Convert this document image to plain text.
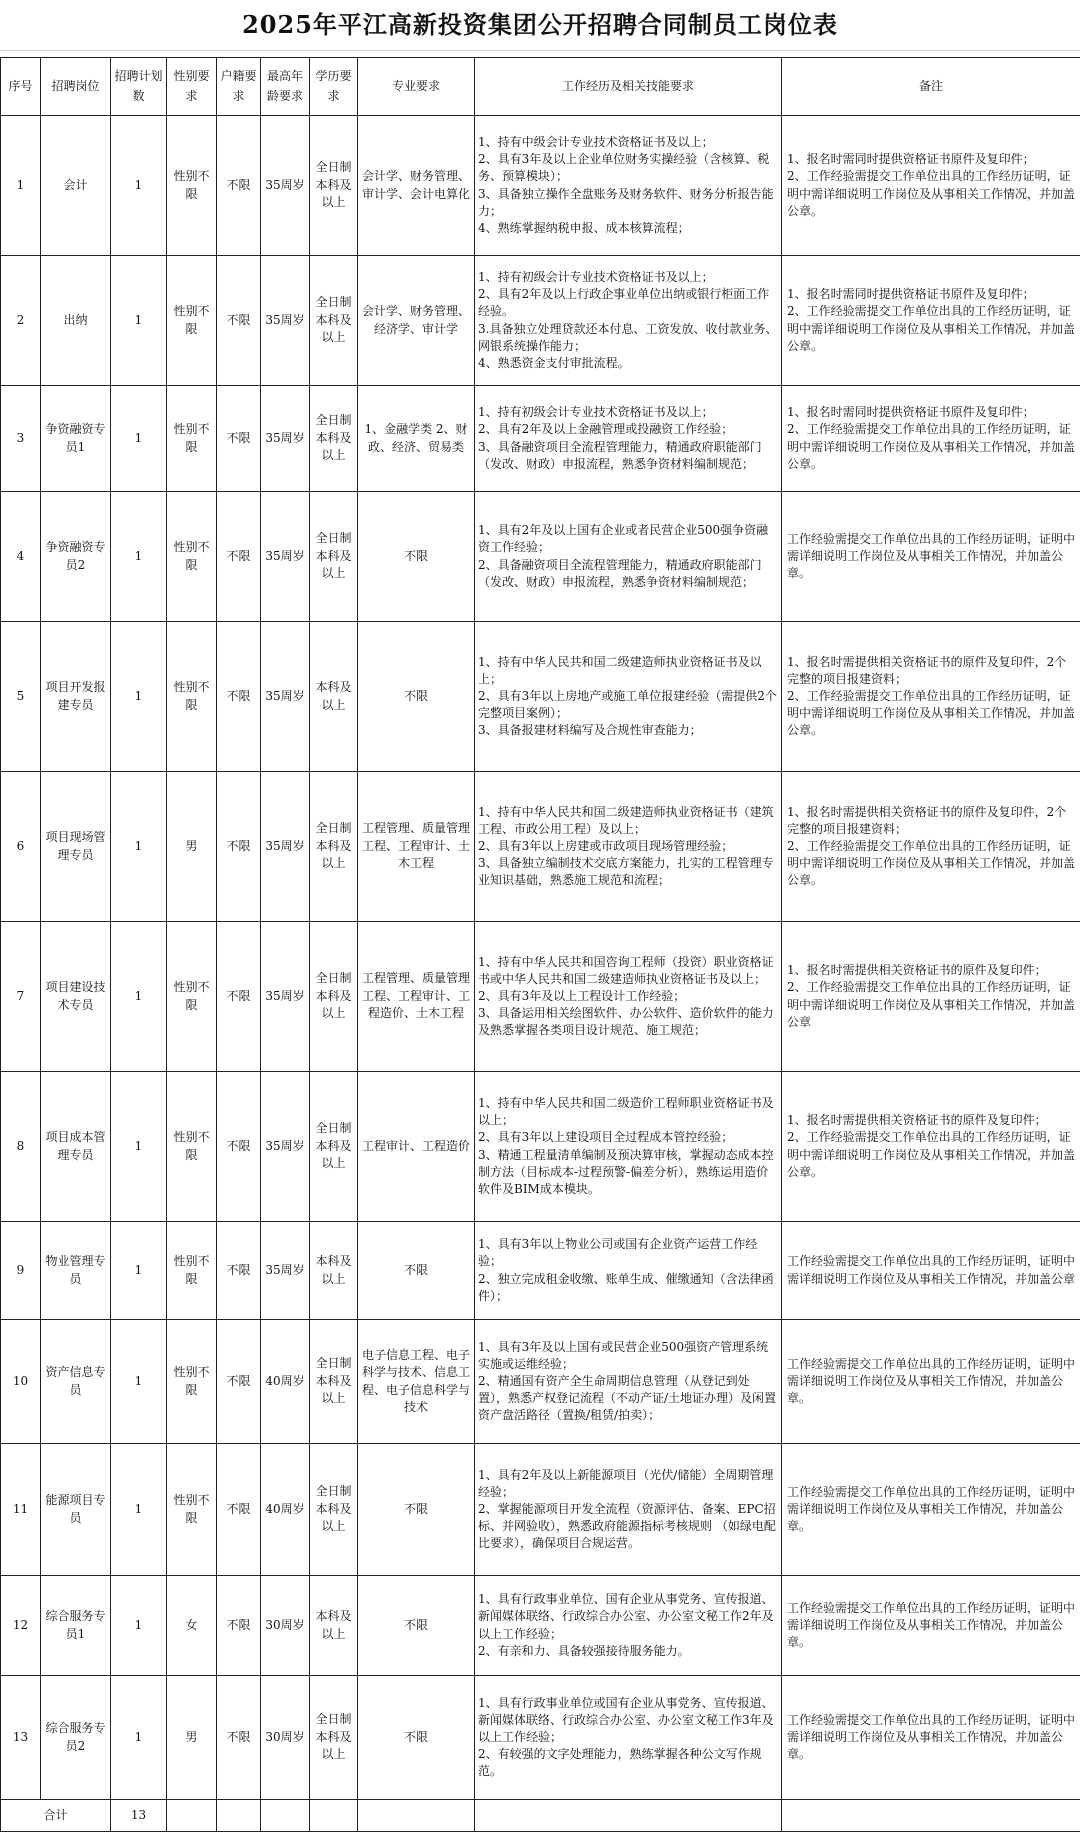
2025年平江高新投资集团公开招聘合同制员工岗位表
序号	招聘岗位	招聘计划数	性别要求	户籍要求	最高年龄要求	学历要求	专业要求	工作经历及相关技能要求	备注
1	会计	1	性别不限	不限	35周岁	全日制本科及以上	会计学、财务管理、审计学、会计电算化	1、持有中级会计专业技术资格证书及以上；
2、具有3年及以上企业单位财务实操经验（含核算、税务、预算模块）；
3、具备独立操作全盘账务及财务软件、财务分析报告能力；
4、熟练掌握纳税申报、成本核算流程；	1、报名时需同时提供资格证书原件及复印件；
2、工作经验需提交工作单位出具的工作经历证明，证明中需详细说明工作岗位及从事相关工作情况，并加盖公章。

2	出纳	1	性别不限	不限	35周岁	全日制本科及以上	会计学、财务管理、经济学、审计学	1、持有初级会计专业技术资格证书及以上；
2、具有2年及以上行政企事业单位出纳或银行柜面工作经验。
3.具备独立处理贷款还本付息、工资发放、收付款业务、网银系统操作能力；
4、熟悉资金支付审批流程。	1、报名时需同时提供资格证书原件及复印件；
2、工作经验需提交工作单位出具的工作经历证明，证明中需详细说明工作岗位及从事相关工作情况，并加盖公章。

3	争资融资专员1	1	性别不限	不限	35周岁	全日制本科及以上	1、金融学类 2、财政、经济、贸易类	1、持有初级会计专业技术资格证书及以上；
2、具有2年及以上金融管理或投融资工作经验；
3、具备融资项目全流程管理能力，精通政府职能部门（发改、财政）申报流程，熟悉争资材料编制规范；	1、报名时需同时提供资格证书原件及复印件；
2、工作经验需提交工作单位出具的工作经历证明，证明中需详细说明工作岗位及从事相关工作情况，并加盖公章。

4	争资融资专员2	1	性别不限	不限	35周岁	全日制本科及以上	不限	1、具有2年及以上国有企业或者民营企业500强争资融资工作经验；
2、具备融资项目全流程管理能力，精通政府职能部门（发改、财政）申报流程，熟悉争资材料编制规范；	工作经验需提交工作单位出具的工作经历证明，证明中需详细说明工作岗位及从事相关工作情况，并加盖公章。

5	项目开发报建专员	1	性别不限	不限	35周岁	本科及以上	不限	1、持有中华人民共和国二级建造师执业资格证书及以上；
2、具有3年以上房地产或施工单位报建经验（需提供2个完整项目案例）；
3、具备报建材料编写及合规性审查能力；	1、报名时需提供相关资格证书的原件及复印件，2个完整的项目报建资料；
2、工作经验需提交工作单位出具的工作经历证明，证明中需详细说明工作岗位及从事相关工作情况，并加盖公章。

6	项目现场管理专员	1	男	不限	35周岁	全日制本科及以上	工程管理、质量管理工程、工程审计、土木工程	1、持有中华人民共和国二级建造师执业资格证书（建筑工程、市政公用工程）及以上；
2、具有3年以上房建或市政项目现场管理经验；
3、具备独立编制技术交底方案能力，扎实的工程管理专业知识基础，熟悉施工规范和流程；	1、报名时需提供相关资格证书的原件及复印件，2个完整的项目报建资料；
2、工作经验需提交工作单位出具的工作经历证明，证明中需详细说明工作岗位及从事相关工作情况，并加盖公章。

7	项目建设技术专员	1	性别不限	不限	35周岁	全日制本科及以上	工程管理、质量管理工程、工程审计、工程造价、土木工程	1、持有中华人民共和国咨询工程师（投资）职业资格证书或中华人民共和国二级建造师执业资格证书及以上；
2、具有3年及以上工程设计工作经验；
3、具备运用相关绘图软件、办公软件、造价软件的能力及熟悉掌握各类项目设计规范、施工规范；	1、报名时需提供相关资格证书的原件及复印件；
2、工作经验需提交工作单位出具的工作经历证明，证明中需详细说明工作岗位及从事相关工作情况，并加盖公章

8	项目成本管理专员	1	性别不限	不限	35周岁	全日制本科及以上	工程审计、工程造价	1、持有中华人民共和国二级造价工程师职业资格证书及以上；
2、具有3年以上建设项目全过程成本管控经验；
3、精通工程量清单编制及预决算审核，掌握动态成本控制方法（目标成本-过程预警-偏差分析），熟练运用造价软件及BIM成本模块。	1、报名时需提供相关资格证书的原件及复印件；
2、工作经验需提交工作单位出具的工作经历证明，证明中需详细说明工作岗位及从事相关工作情况，并加盖公章。

9	物业管理专员	1	性别不限	不限	35周岁	本科及以上	不限	1、具有3年以上物业公司或国有企业资产运营工作经验；
2、独立完成租金收缴、账单生成、催缴通知（含法律函件）；	工作经验需提交工作单位出具的工作经历证明，证明中需详细说明工作岗位及从事相关工作情况，并加盖公章

10	资产信息专员	1	性别不限	不限	40周岁	全日制本科及以上	电子信息工程、电子科学与技术、信息工程、电子信息科学与技术	1、具有3年及以上国有或民营企业500强资产管理系统实施或运维经验；
2、精通国有资产全生命周期信息管理（从登记到处置），熟悉产权登记流程（不动产证/土地证办理）及闲置资产盘活路径（置换/租赁/拍卖）；	工作经验需提交工作单位出具的工作经历证明，证明中需详细说明工作岗位及从事相关工作情况，并加盖公章。

11	能源项目专员	1	性别不限	不限	40周岁	全日制本科及以上	不限	1、具有2年及以上新能源项目（光伏/储能）全周期管理经验；
2、掌握能源项目开发全流程（资源评估、备案、EPC招标、并网验收），熟悉政府能源指标考核规则 （如绿电配比要求），确保项目合规运营。	工作经验需提交工作单位出具的工作经历证明，证明中需详细说明工作岗位及从事相关工作情况，并加盖公章。

12	综合服务专员1	1	女	不限	30周岁	本科及以上	不限	1、具有行政事业单位、国有企业从事党务、宣传报道、新闻媒体联络、行政综合办公室、办公室文秘工作2年及以上工作经验；
2、有亲和力、具备较强接待服务能力。	工作经验需提交工作单位出具的工作经历证明，证明中需详细说明工作岗位及从事相关工作情况，并加盖公章。

13	综合服务专员2	1	男	不限	30周岁	全日制本科及以上	不限	1、具有行政事业单位或国有企业从事党务、宣传报道、新闻媒体联络、行政综合办公室、办公室文秘工作3年及以上工作经验；
2、有较强的文字处理能力，熟练掌握各种公文写作规范。	工作经验需提交工作单位出具的工作经历证明，证明中需详细说明工作岗位及从事相关工作情况，并加盖公章。

合计		13							
